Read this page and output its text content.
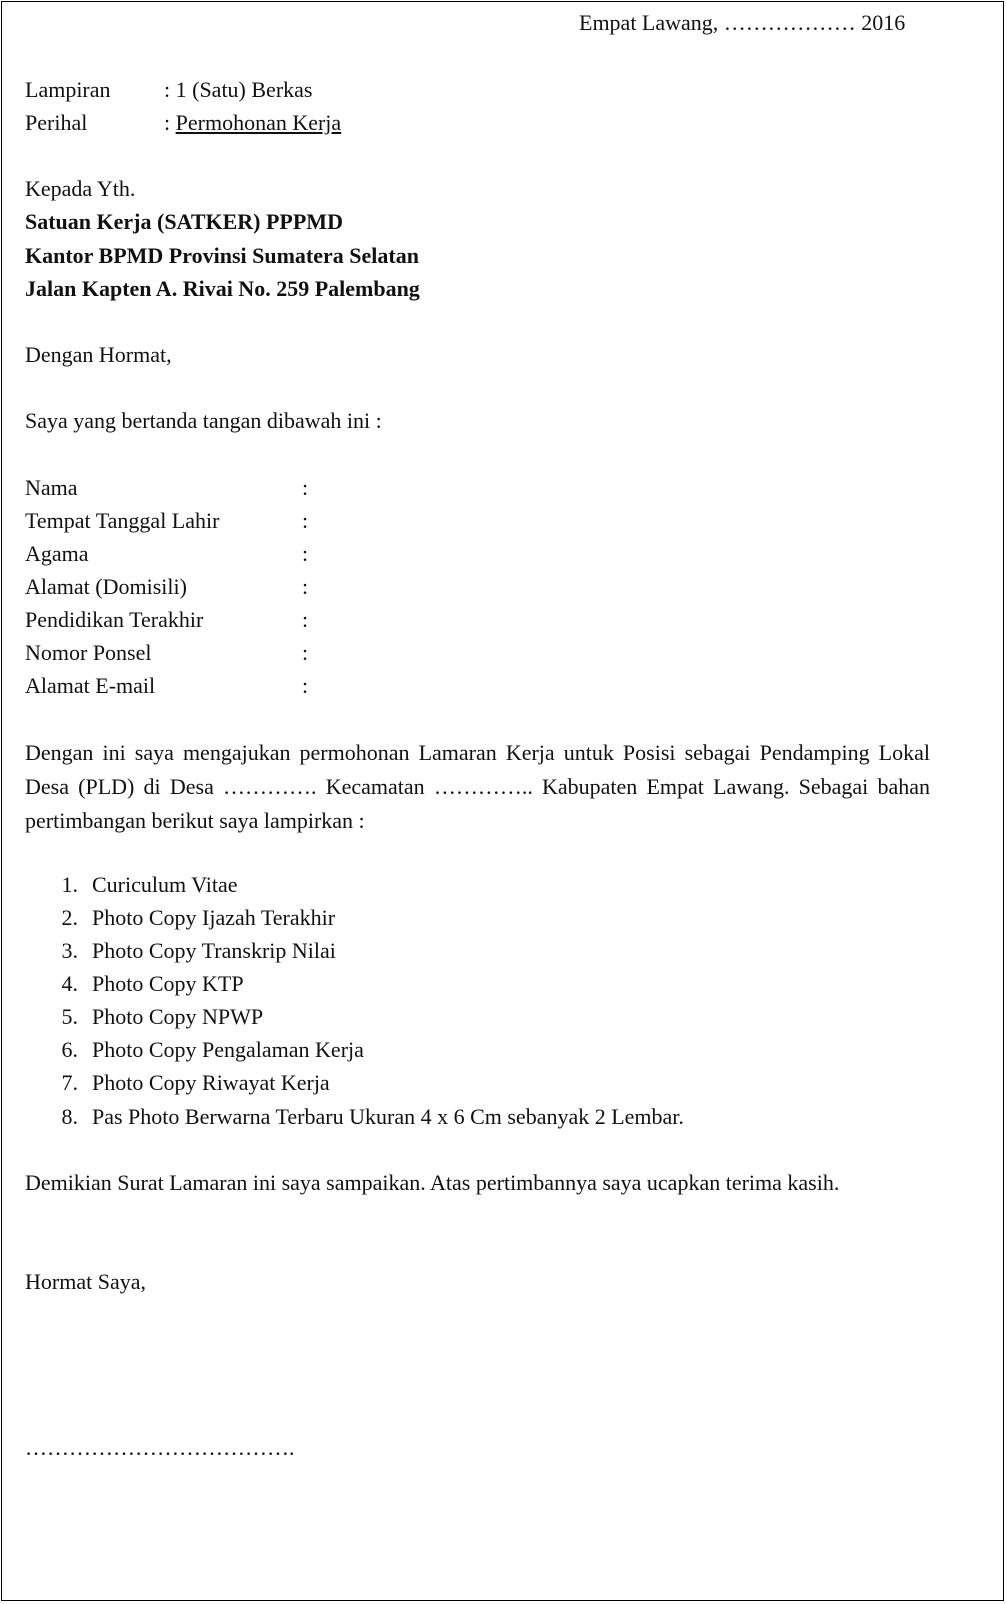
Empat Lawang, ……………… 2016
Lampiran : 1 (Satu) Berkas
Perihal	: Permohonan Kerja
Kepada Yth.
Satuan Kerja (SATKER) PPPMD
Kantor BPMD Provinsi Sumatera Selatan
Jalan Kapten A. Rivai No. 259 Palembang
Dengan Hormat,
Saya yang bertanda tangan dibawah ini :
Nama	:
Tempat Tanggal Lahir	:
Agama	:
Alamat (Domisili)	:
Pendidikan Terakhir	:
Nomor Ponsel	:
Alamat E-mail	:
Dengan ini saya mengajukan permohonan Lamaran Kerja untuk Posisi sebagai Pendamping Lokal Desa (PLD) di Desa …………. Kecamatan ………….. Kabupaten Empat Lawang. Sebagai bahan pertimbangan berikut saya lampirkan :
1. Curiculum Vitae
2. Photo Copy Ijazah Terakhir
3. Photo Copy Transkrip Nilai
4. Photo Copy KTP
5. Photo Copy NPWP
6. Photo Copy Pengalaman Kerja
7. Photo Copy Riwayat Kerja
8. Pas Photo Berwarna Terbaru Ukuran 4 x 6 Cm sebanyak 2 Lembar.
Demikian Surat Lamaran ini saya sampaikan. Atas pertimbannya saya ucapkan terima kasih.
Hormat Saya,
……………………………….
